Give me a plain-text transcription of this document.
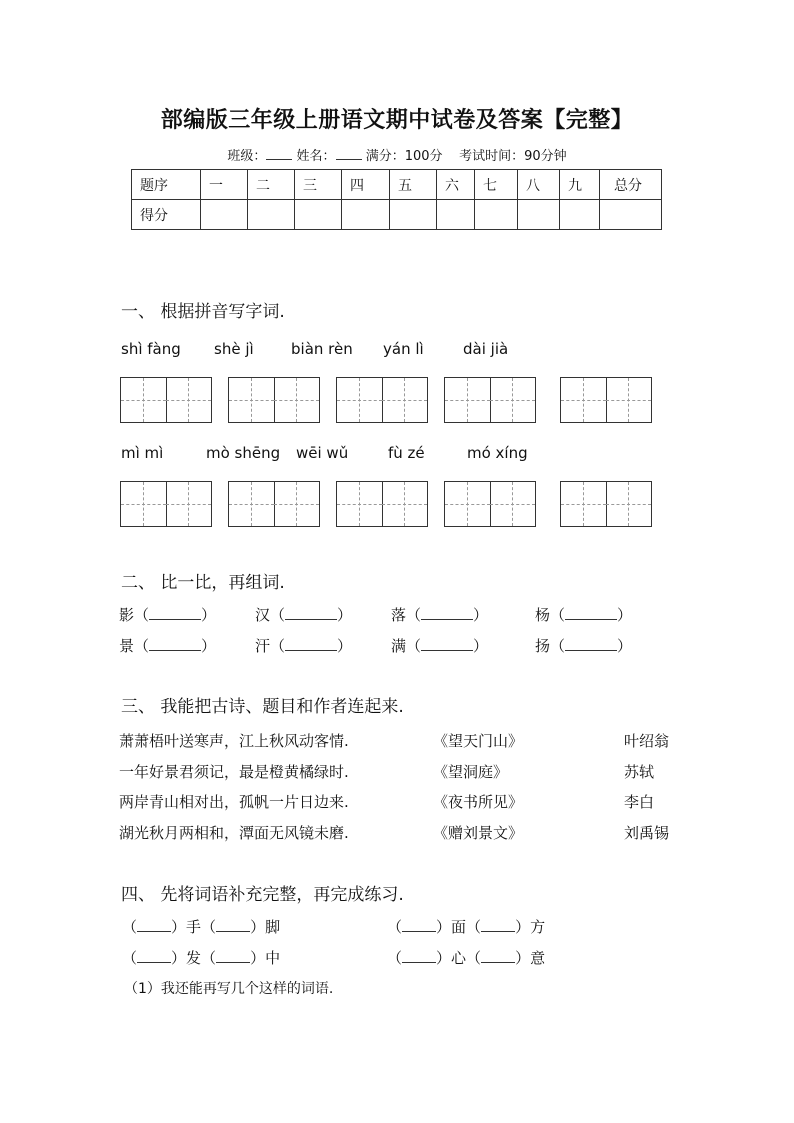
部编版三年级上册语文期中试卷及答案【完整】
班级： 姓名： 满分：100分 考试时间：90分钟
题序	一	二	三	四	五	六	七	八	九	总分
得分										
一、 根据拼音写字词.
shì fàng shè jì biàn rèn yán lì	dài jià
mì mì	mò shēng wēi wǔ	fù zé	mó xíng
二、 比一比，再组词.
影（	）	汉（	）	落（	）	杨（	）
景（	）	汗（	）	满（	）	扬（	）
三、 我能把古诗、题目和作者连起来.
萧萧梧叶送寒声，江上秋风动客情.	《望天门山》	叶绍翁
一年好景君须记，最是橙黄橘绿时.	《望洞庭》	苏轼
两岸青山相对出，孤帆一片日边来.	《夜书所见》	李白
湖光秋月两相和，潭面无风镜未磨.	《赠刘景文》	刘禹锡
四、 先将词语补充完整，再完成练习.
（ ）手（ ）脚	（ ）面（ ）方
（ ）发（ ）中	（ ）心（ ）意
（1）我还能再写几个这样的词语.
